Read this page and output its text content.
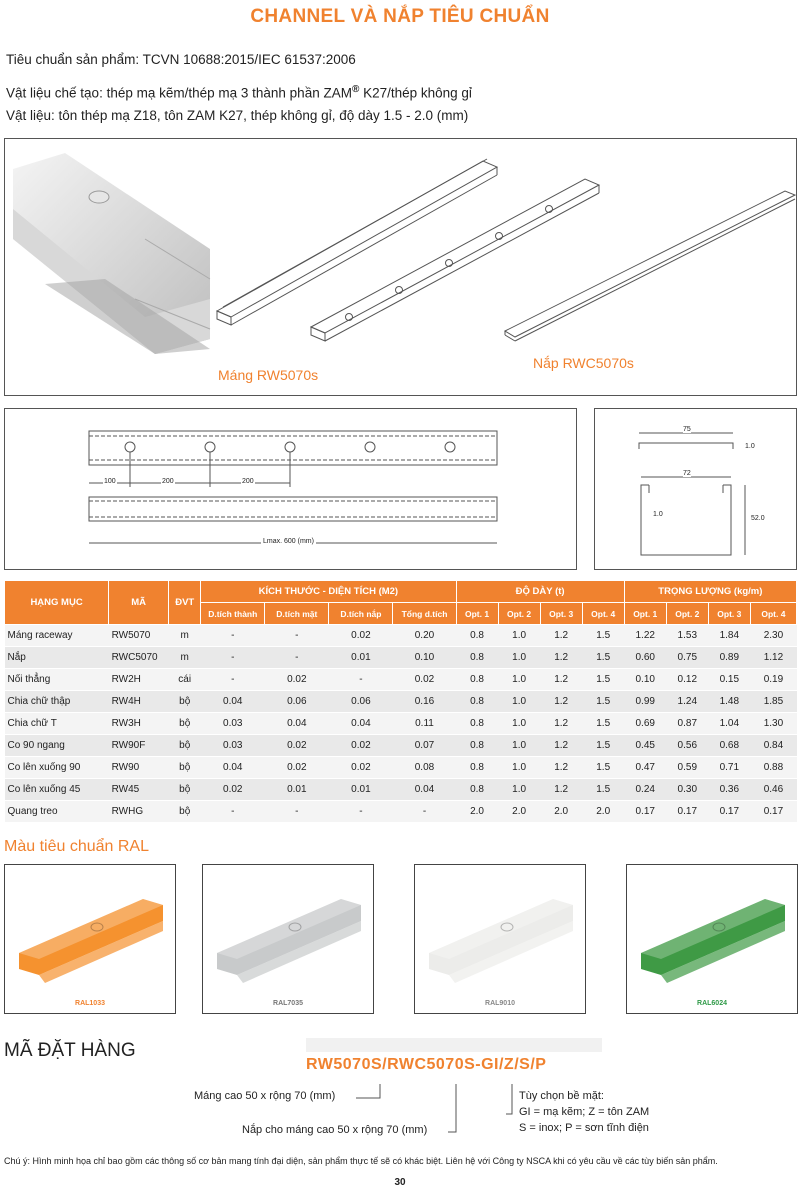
CHANNEL VÀ NẮP TIÊU CHUẨN
Tiêu chuẩn sản phẩm: TCVN 10688:2015/IEC 61537:2006
Vật liệu chế tạo: thép mạ kẽm/thép mạ 3 thành phần ZAM® K27/thép không gỉ
Vật liệu: tôn thép mạ Z18, tôn ZAM K27, thép không gỉ, độ dày 1.5 - 2.0 (mm)
Máng RW5070s
Nắp RWC5070s
100	200	200
Lmax. 600 (mm)
75
1.0
72
1.0
52.0
HẠNG MỤC	MÃ	ĐVT	KÍCH THƯỚC - DIỆN TÍCH (M2)				ĐỘ DÀY (t)				TRỌNG LƯỢNG (kg/m)			
			D.tích thành	D.tích mặt	D.tích nắp	Tổng d.tích	Opt. 1	Opt. 2	Opt. 3	Opt. 4	Opt. 1	Opt. 2	Opt. 3	Opt. 4
Máng raceway	RW5070	m	-	-	0.02	0.20	0.8	1.0	1.2	1.5	1.22	1.53	1.84	2.30
Nắp	RWC5070	m	-	-	0.01	0.10	0.8	1.0	1.2	1.5	0.60	0.75	0.89	1.12
Nối thẳng	RW2H	cái	-	0.02	-	0.02	0.8	1.0	1.2	1.5	0.10	0.12	0.15	0.19
Chia chữ thập	RW4H	bộ	0.04	0.06	0.06	0.16	0.8	1.0	1.2	1.5	0.99	1.24	1.48	1.85
Chia chữ T	RW3H	bộ	0.03	0.04	0.04	0.11	0.8	1.0	1.2	1.5	0.69	0.87	1.04	1.30
Co 90 ngang	RW90F	bộ	0.03	0.02	0.02	0.07	0.8	1.0	1.2	1.5	0.45	0.56	0.68	0.84
Co lên xuống 90	RW90	bộ	0.04	0.02	0.02	0.08	0.8	1.0	1.2	1.5	0.47	0.59	0.71	0.88
Co lên xuống 45	RW45	bộ	0.02	0.01	0.01	0.04	0.8	1.0	1.2	1.5	0.24	0.30	0.36	0.46
Quang treo	RWHG	bộ	-	-	-	-	2.0	2.0	2.0	2.0	0.17	0.17	0.17	0.17
Màu tiêu chuẩn RAL
RAL1033	RAL7035	RAL9010	RAL6024
MÃ ĐẶT HÀNG
RW5070S/RWC5070S-GI/Z/S/P
Máng cao 50 x rộng 70 (mm)
Nắp cho máng cao 50 x rộng 70 (mm)
Tùy chọn bề mặt:
GI = mạ kẽm; Z = tôn ZAM
S = inox; P = sơn tĩnh điện
Chú ý: Hình minh họa chỉ bao gồm các thông số cơ bản mang tính đại diện, sản phẩm thực tế sẽ có khác biệt. Liên hệ với Công ty NSCA khi có yêu cầu về các tùy biến sản phẩm.
30
